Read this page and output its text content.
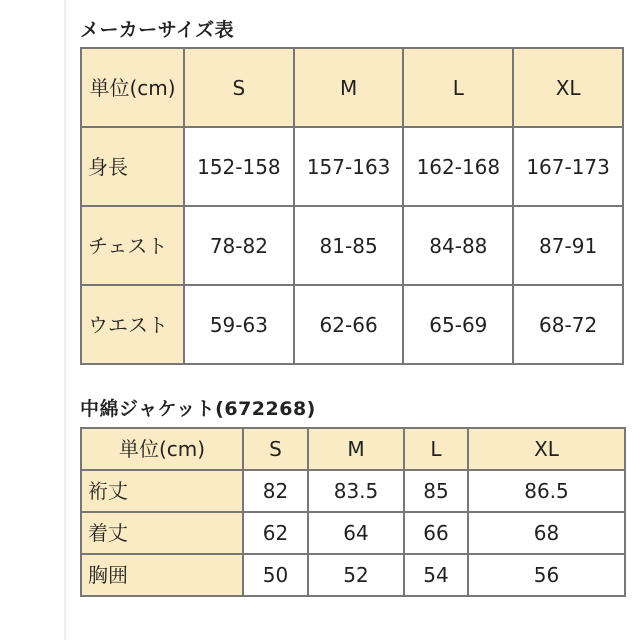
メーカーサイズ表
単位(cm)	S	M	L	XL
身長	152-158	157-163	162-168	167-173
チェスト	78-82	81-85	84-88	87-91
ウエスト	59-63	62-66	65-69	68-72
中綿ジャケット(672268)
単位(cm)	S	M	L	XL
裄丈	82	83.5	85	86.5
着丈	62	64	66	68
胸囲	50	52	54	56
